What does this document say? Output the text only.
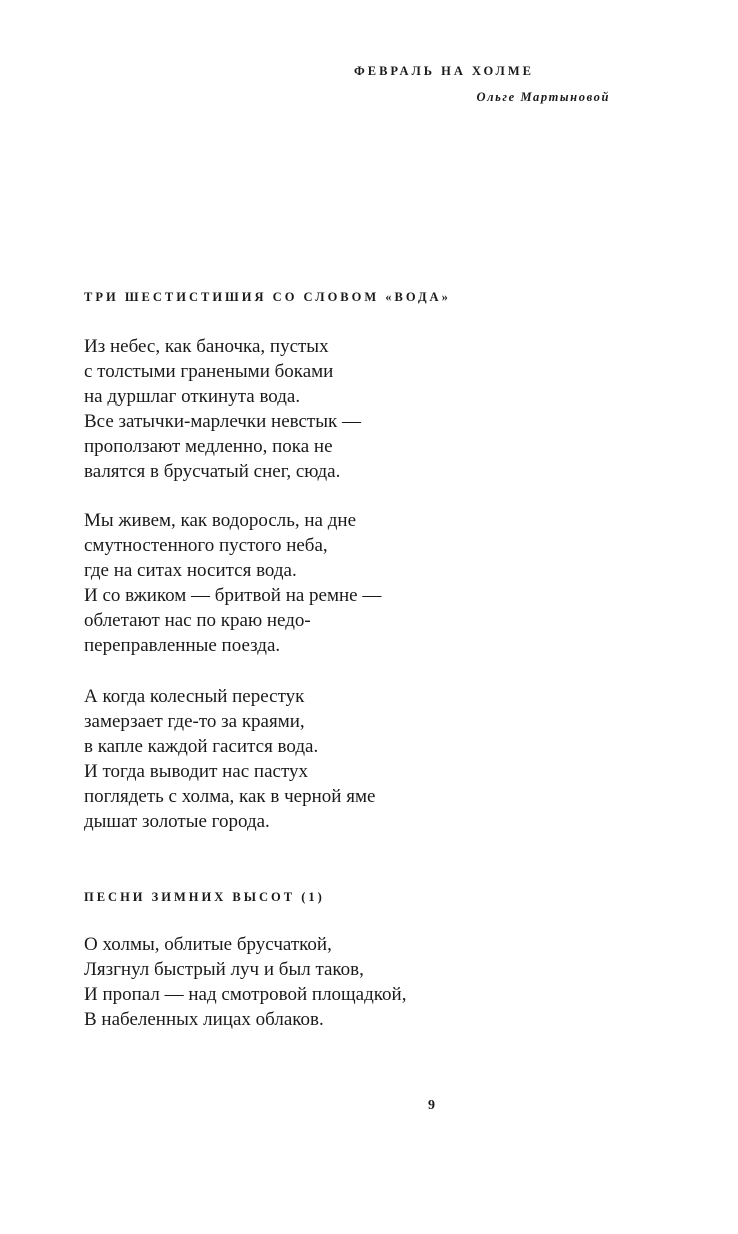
ФЕВРАЛЬ НА ХОЛМЕ
Ольге Мартыновой
ТРИ ШЕСТИСТИШИЯ СО СЛОВОМ «ВОДА»
Из небес, как баночка, пустых
с толстыми гранеными боками
на дуршлаг откинута вода.
Все затычки-марлечки невстык —
проползают медленно, пока не
валятся в брусчатый снег, сюда.
Мы живем, как водоросль, на дне
смутностенного пустого неба,
где на ситах носится вода.
И со вжиком — бритвой на ремне —
облетают нас по краю недо-
переправленные поезда.
А когда колесный перестук
замерзает где-то за краями,
в капле каждой гасится вода.
И тогда выводит нас пастух
поглядеть с холма, как в черной яме
дышат золотые города.
ПЕСНИ ЗИМНИХ ВЫСОТ (1)
О холмы, облитые брусчаткой,
Лязгнул быстрый луч и был таков,
И пропал — над смотровой площадкой,
В набеленных лицах облаков.
9
